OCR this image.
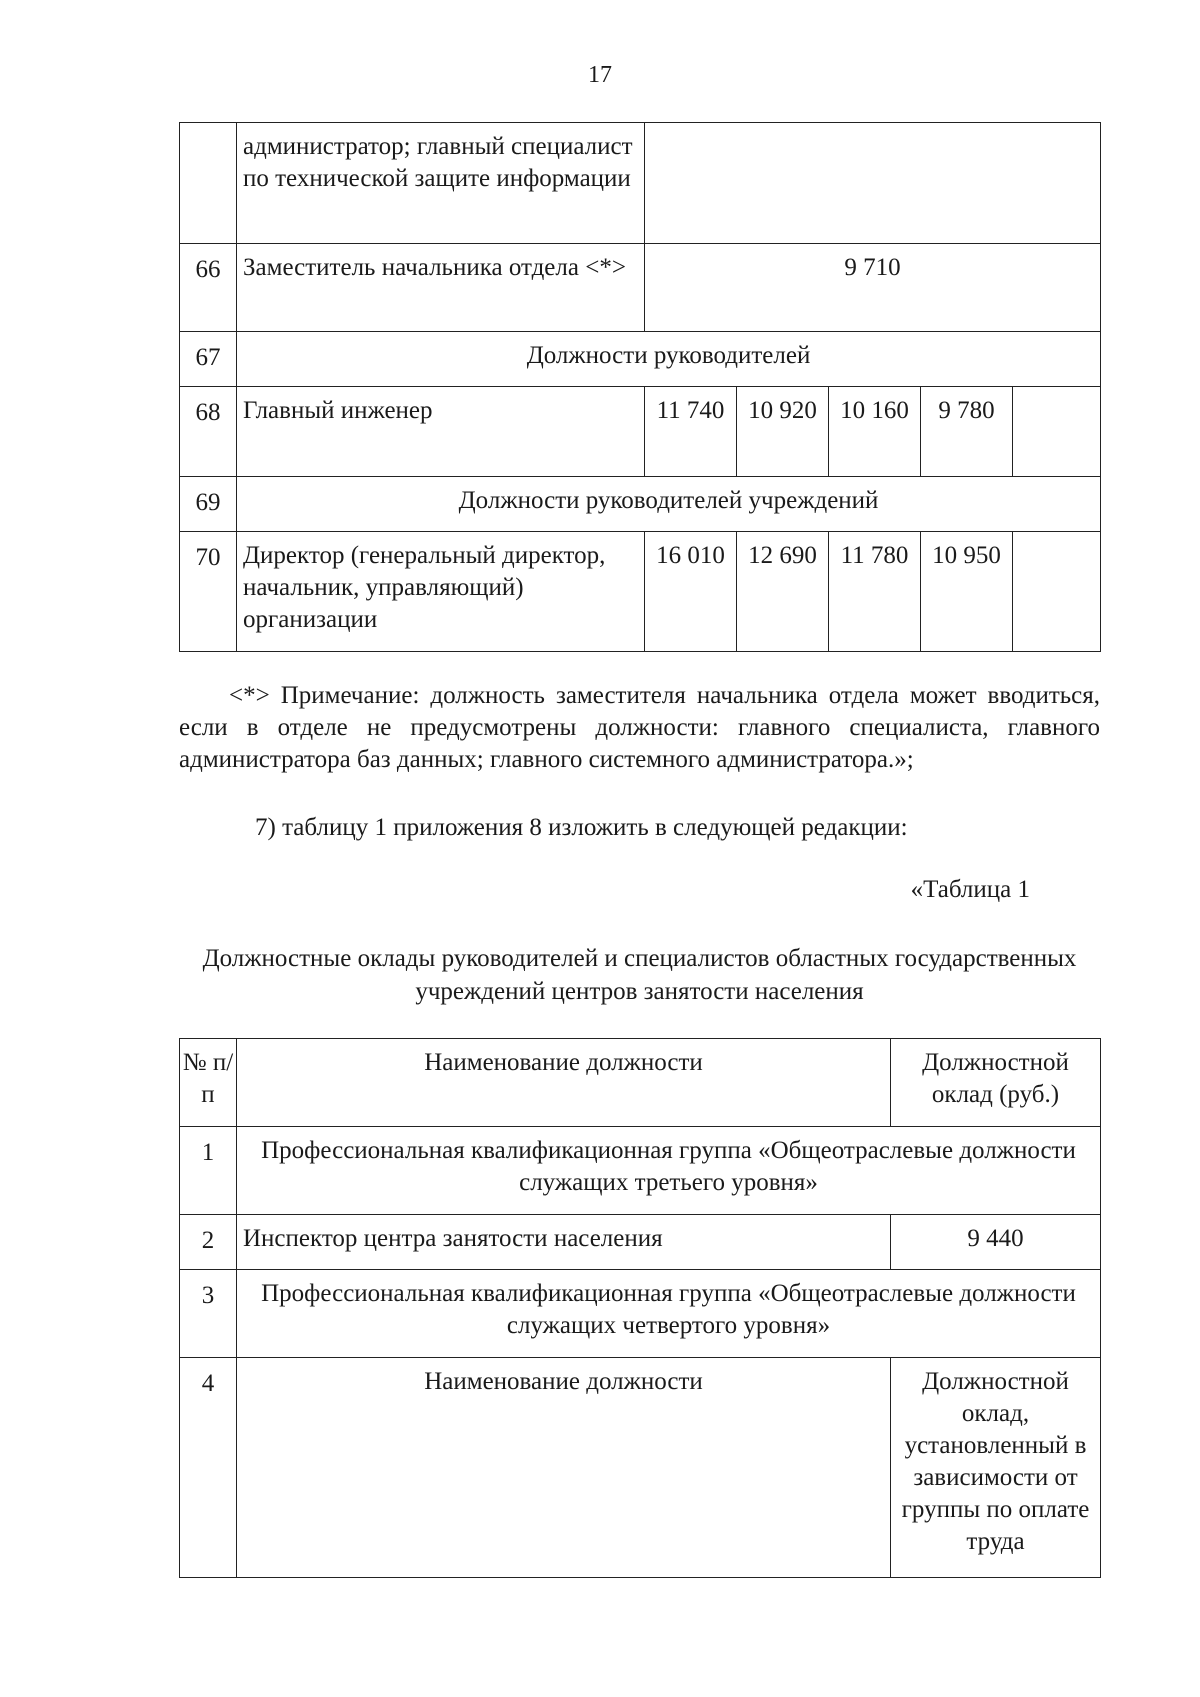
17
	администратор; главный специалист по технической защите информации					
66	Заместитель начальника отдела <*>	9 710				
67	Должности руководителей					
68	Главный инженер	11 740	10 920	10 160	9 780	
69	Должности руководителей учреждений					
70	Директор (генеральный директор, начальник, управляющий) организации	16 010	12 690	11 780	10 950	
<*> Примечание: должность заместителя начальника отдела может вводиться, если в отделе не предусмотрены должности: главного специалиста, главного администратора баз данных; главного системного администратора.»;
7) таблицу 1 приложения 8 изложить в следующей редакции:
«Таблица 1
Должностные оклады руководителей и специалистов областных государственных учреждений центров занятости населения
№ п/п	Наименование должности	Должностной оклад (руб.)
1	Профессиональная квалификационная группа «Общеотраслевые должности служащих третьего уровня»	
2	Инспектор центра занятости населения	9 440
3	Профессиональная квалификационная группа «Общеотраслевые должности служащих четвертого уровня»	
4	Наименование должности	Должностной оклад, установленный в зависимости от группы по оплате труда
